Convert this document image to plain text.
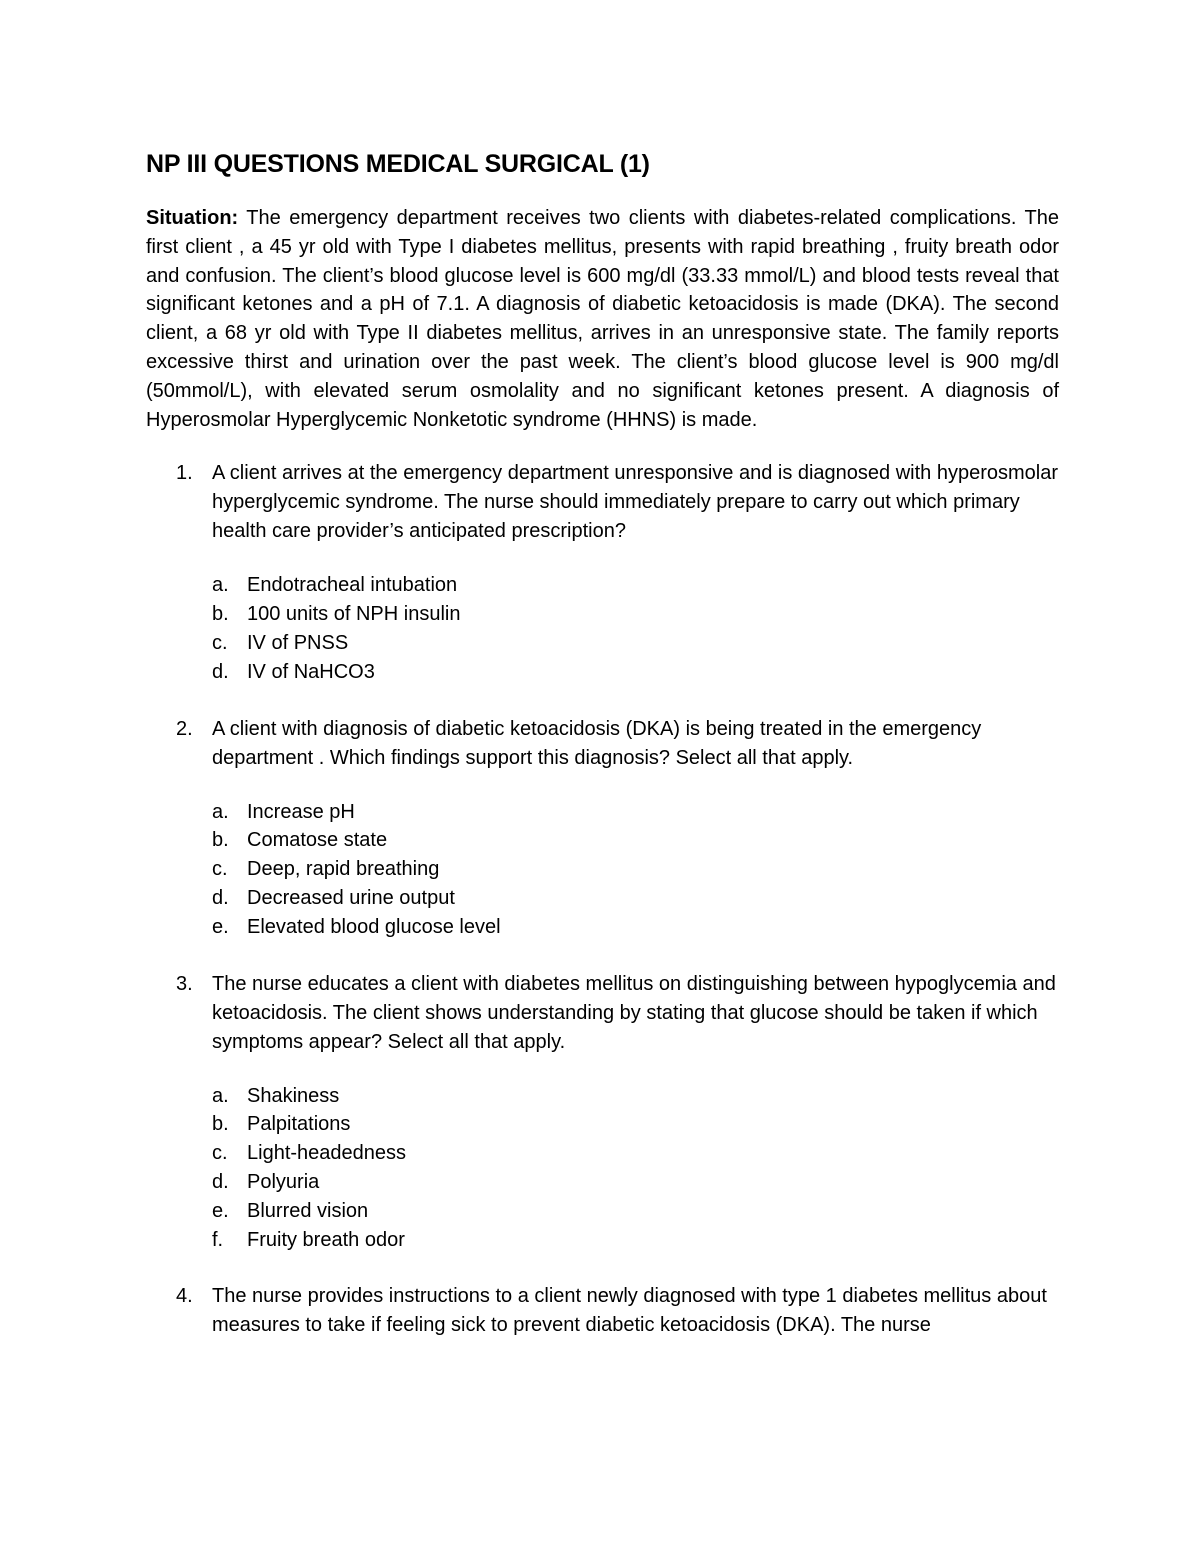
NP III QUESTIONS MEDICAL SURGICAL (1)

Situation: The emergency department receives two clients with diabetes-related complications. The first client , a 45 yr old with Type I diabetes mellitus, presents with rapid breathing , fruity breath odor and confusion. The client’s blood glucose level is 600 mg/dl (33.33 mmol/L) and blood tests reveal that significant ketones and a pH of 7.1. A diagnosis of diabetic ketoacidosis is made (DKA). The second client, a 68 yr old with Type II diabetes mellitus, arrives in an unresponsive state. The family reports excessive thirst and urination over the past week. The client’s blood glucose level is 900 mg/dl (50mmol/L), with elevated serum osmolality and no significant ketones present. A diagnosis of Hyperosmolar Hyperglycemic Nonketotic syndrome (HHNS) is made.

1. A client arrives at the emergency department unresponsive and is diagnosed with hyperosmolar hyperglycemic syndrome. The nurse should immediately prepare to carry out which primary health care provider’s anticipated prescription?
a. Endotracheal intubation
b. 100 units of NPH insulin
c. IV of PNSS
d. IV of NaHCO3
2. A client with diagnosis of diabetic ketoacidosis (DKA) is being treated in the emergency department . Which findings support this diagnosis? Select all that apply.
a. Increase pH
b. Comatose state
c. Deep, rapid breathing
d. Decreased urine output
e. Elevated blood glucose level
3. The nurse educates a client with diabetes mellitus on distinguishing between hypoglycemia and ketoacidosis. The client shows understanding by stating that glucose should be taken if which symptoms appear? Select all that apply.
a. Shakiness
b. Palpitations
c. Light-headedness
d. Polyuria
e. Blurred vision
f. Fruity breath odor
4. The nurse provides instructions to a client newly diagnosed with type 1 diabetes mellitus about measures to take if feeling sick to prevent diabetic ketoacidosis (DKA). The nurse
